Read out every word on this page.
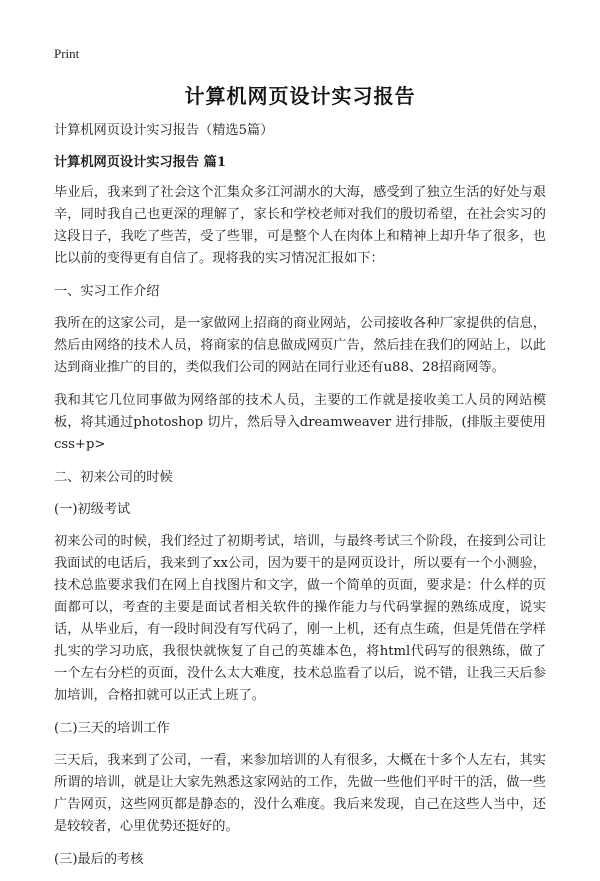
Print
计算机网页设计实习报告

计算机网页设计实习报告（精选5篇）

计算机网页设计实习报告 篇1

毕业后，我来到了社会这个汇集众多江河湖水的大海，感受到了独立生活的好处与艰辛，同时我自己也更深的理解了，家长和学校老师对我们的殷切希望，在社会实习的这段日子，我吃了些苦，受了些罪，可是整个人在肉体上和精神上却升华了很多，也比以前的变得更有自信了。现将我的实习情况汇报如下：

一、实习工作介绍

我所在的这家公司，是一家做网上招商的商业网站，公司接收各种厂家提供的信息，然后由网络的技术人员，将商家的信息做成网页广告，然后挂在我们的网站上，以此达到商业推广的目的，类似我们公司的网站在同行业还有u88、28招商网等。

我和其它几位同事做为网络部的技术人员，主要的工作就是接收美工人员的网站模板，将其通过photoshop 切片，然后导入dreamweaver 进行排版，(排版主要使用css+p>

二、初来公司的时候

(一)初级考试

初来公司的时候，我们经过了初期考试，培训，与最终考试三个阶段，在接到公司让我面试的电话后，我来到了xx公司，因为要干的是网页设计，所以要有一个小测验，技术总监要求我们在网上自找图片和文字，做一个简单的页面，要求是：什么样的页面都可以，考查的主要是面试者相关软件的操作能力与代码掌握的熟练成度，说实话，从毕业后，有一段时间没有写代码了，刚一上机，还有点生疏，但是凭借在学样扎实的学习功底，我很快就恢复了自己的英雄本色，将html代码写的很熟练，做了一个左右分栏的页面，没什么太大难度，技术总监看了以后，说不错，让我三天后参加培训，合格扣就可以正式上班了。

(二)三天的培训工作

三天后，我来到了公司，一看，来参加培训的人有很多，大概在十多个人左右，其实所谓的培训，就是让大家先熟悉这家网站的工作，先做一些他们平时干的活，做一些广告网页，这些网页都是静态的，没什么难度。我后来发现，自己在这些人当中，还是较较者，心里优势还挺好的。

(三)最后的考核
